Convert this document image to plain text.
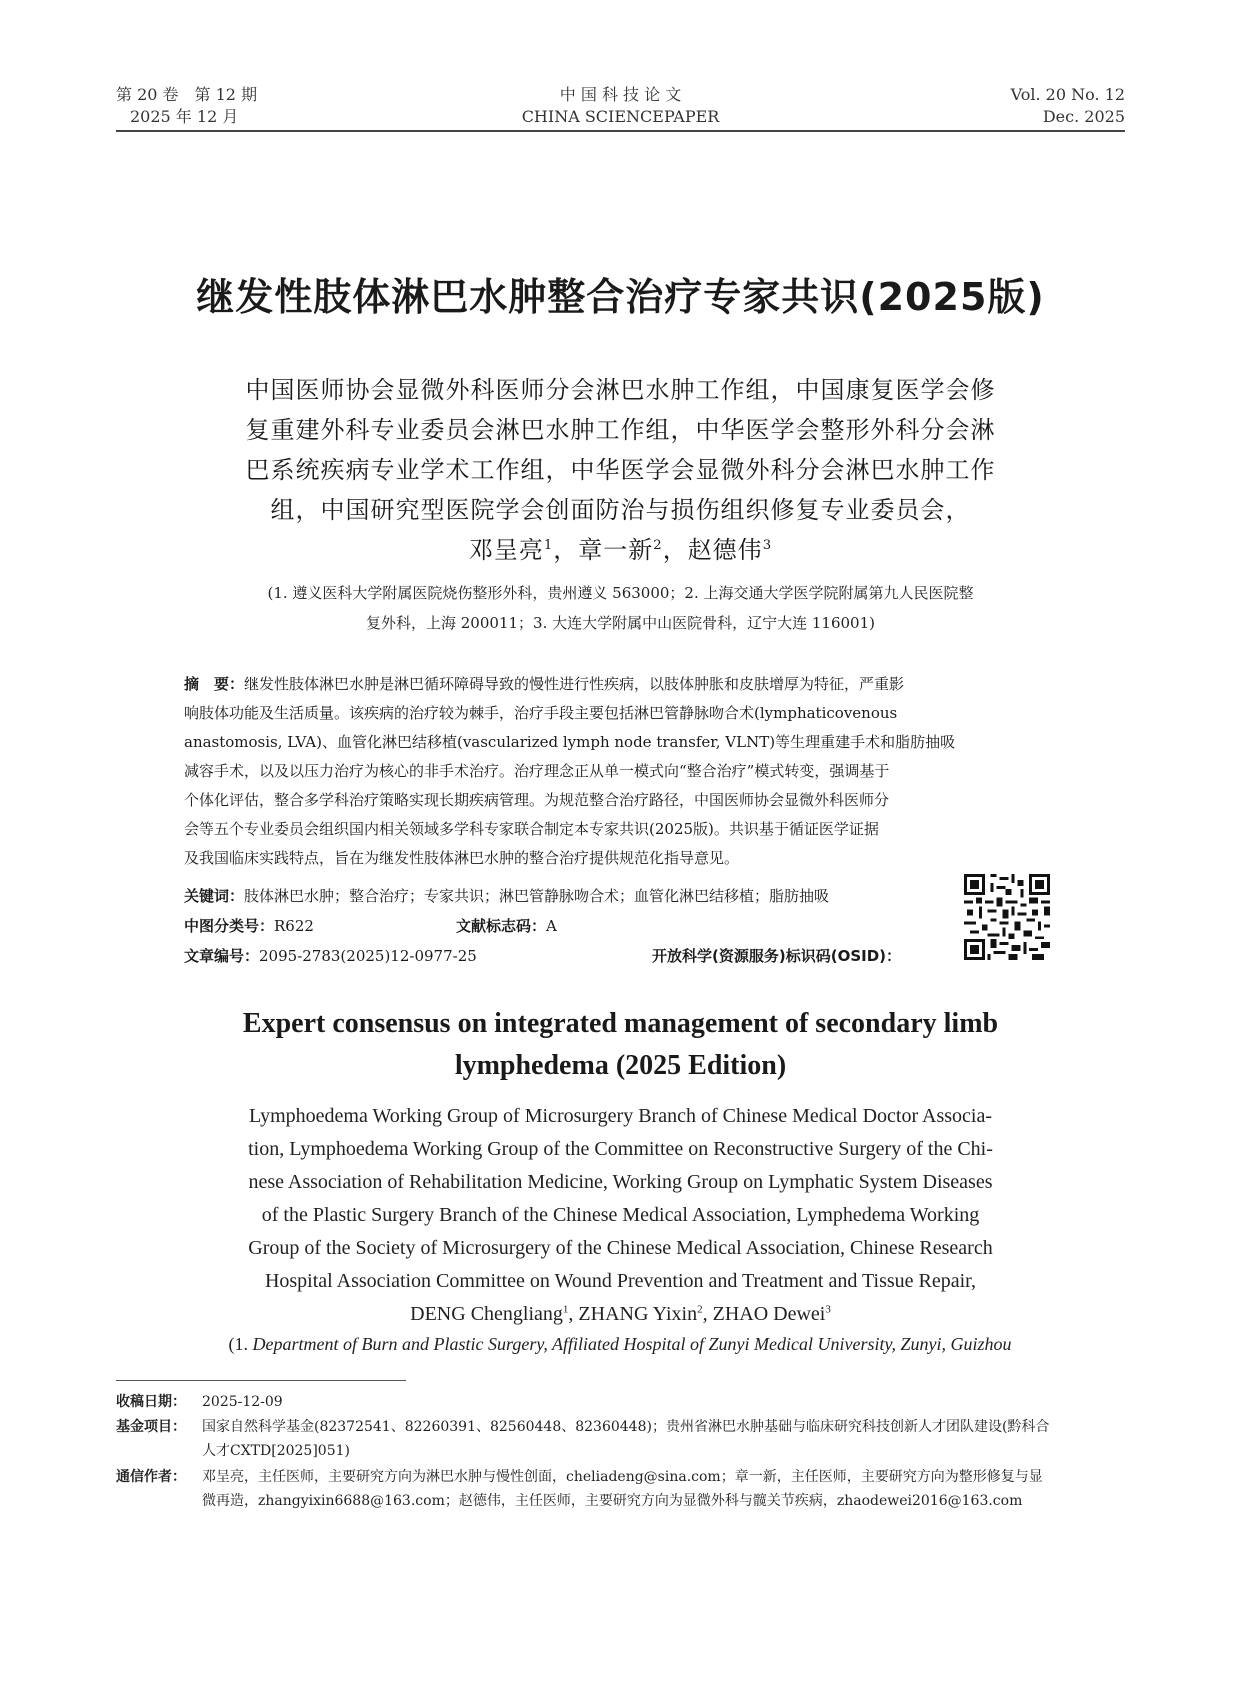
第 20 卷　第 12 期
2025 年 12 月
中 国 科 技 论 文
CHINA SCIENCEPAPER
Vol. 20 No. 12
Dec. 2025
继发性肢体淋巴水肿整合治疗专家共识(2025版)
中国医师协会显微外科医师分会淋巴水肿工作组，中国康复医学会修
复重建外科专业委员会淋巴水肿工作组，中华医学会整形外科分会淋
巴系统疾病专业学术工作组，中华医学会显微外科分会淋巴水肿工作
组，中国研究型医院学会创面防治与损伤组织修复专业委员会，
邓呈亮$^1$，章一新$^2$，赵德伟$^3$
(1. 遵义医科大学附属医院烧伤整形外科，贵州遵义 563000；2. 上海交通大学医学院附属第九人民医院整
复外科，上海 200011；3. 大连大学附属中山医院骨科，辽宁大连 116001)
摘　要：继发性肢体淋巴水肿是淋巴循环障碍导致的慢性进行性疾病，以肢体肿胀和皮肤增厚为特征，严重影
响肢体功能及生活质量。该疾病的治疗较为棘手，治疗手段主要包括淋巴管静脉吻合术(lymphaticovenous
anastomosis, LVA)、血管化淋巴结移植(vascularized lymph node transfer, VLNT)等生理重建手术和脂肪抽吸
减容手术，以及以压力治疗为核心的非手术治疗。治疗理念正从单一模式向“整合治疗”模式转变，强调基于
个体化评估，整合多学科治疗策略实现长期疾病管理。为规范整合治疗路径，中国医师协会显微外科医师分
会等五个专业委员会组织国内相关领域多学科专家联合制定本专家共识(2025版)。共识基于循证医学证据
及我国临床实践特点，旨在为继发性肢体淋巴水肿的整合治疗提供规范化指导意见。
关键词：肢体淋巴水肿；整合治疗；专家共识；淋巴管静脉吻合术；血管化淋巴结移植；脂肪抽吸
中图分类号：R622	文献标志码：A
文章编号：2095-2783(2025)12-0977-25	开放科学(资源服务)标识码(OSID)：
Expert consensus on integrated management of secondary limb
lymphedema (2025 Edition)
Lymphoedema Working Group of Microsurgery Branch of Chinese Medical Doctor Associa-
tion, Lymphoedema Working Group of the Committee on Reconstructive Surgery of the Chi-
nese Association of Rehabilitation Medicine, Working Group on Lymphatic System Diseases
of the Plastic Surgery Branch of the Chinese Medical Association, Lymphedema Working
Group of the Society of Microsurgery of the Chinese Medical Association, Chinese Research
Hospital Association Committee on Wound Prevention and Treatment and Tissue Repair,
DENG Chengliang$^1$, ZHANG Yixin$^2$, ZHAO Dewei$^3$
(1. Department of Burn and Plastic Surgery, Affiliated Hospital of Zunyi Medical University, Zunyi, Guizhou
收稿日期： 2025-12-09
基金项目： 国家自然科学基金(82372541、82260391、82560448、82360448)；贵州省淋巴水肿基础与临床研究科技创新人才团队建设(黔科合
人才CXTD[2025]051)
通信作者： 邓呈亮，主任医师，主要研究方向为淋巴水肿与慢性创面，cheliadeng@sina.com；章一新，主任医师，主要研究方向为整形修复与显
微再造，zhangyixin6688@163.com；赵德伟，主任医师，主要研究方向为显微外科与髋关节疾病，zhaodewei2016@163.com
